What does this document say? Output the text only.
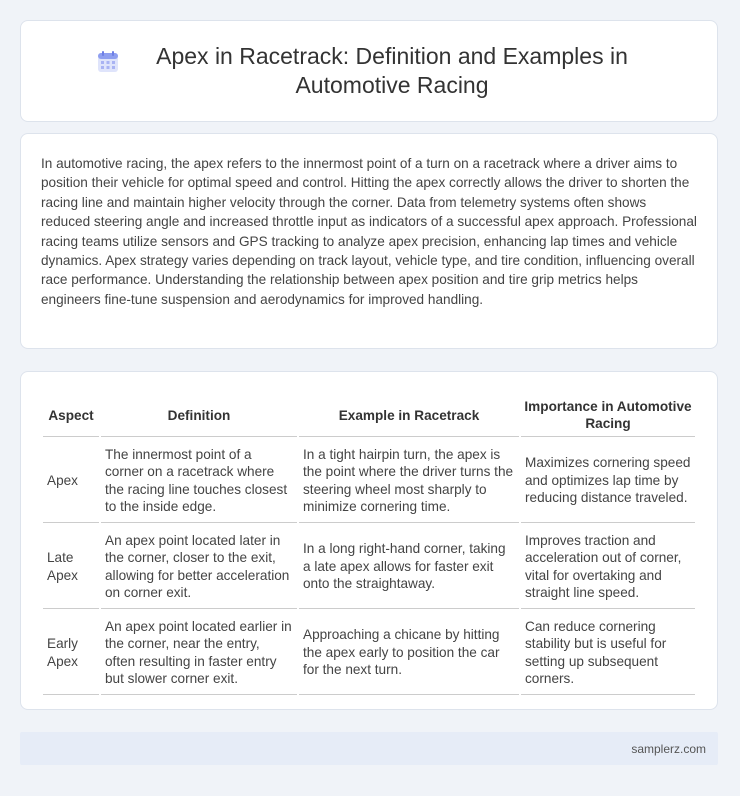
Apex in Racetrack: Definition and Examples in Automotive Racing

In automotive racing, the apex refers to the innermost point of a turn on a racetrack where a driver aims to position their vehicle for optimal speed and control. Hitting the apex correctly allows the driver to shorten the racing line and maintain higher velocity through the corner. Data from telemetry systems often shows reduced steering angle and increased throttle input as indicators of a successful apex approach. Professional racing teams utilize sensors and GPS tracking to analyze apex precision, enhancing lap times and vehicle dynamics. Apex strategy varies depending on track layout, vehicle type, and tire condition, influencing overall race performance. Understanding the relationship between apex position and tire grip metrics helps engineers fine-tune suspension and aerodynamics for improved handling.

Aspect	Definition	Example in Racetrack	Importance in Automotive Racing
Apex	The innermost point of a corner on a racetrack where the racing line touches closest to the inside edge.	In a tight hairpin turn, the apex is the point where the driver turns the steering wheel most sharply to minimize cornering time.	Maximizes cornering speed and optimizes lap time by reducing distance traveled.
Late Apex	An apex point located later in the corner, closer to the exit, allowing for better acceleration on corner exit.	In a long right-hand corner, taking a late apex allows for faster exit onto the straightaway.	Improves traction and acceleration out of corner, vital for overtaking and straight line speed.
Early Apex	An apex point located earlier in the corner, near the entry, often resulting in faster entry but slower corner exit.	Approaching a chicane by hitting the apex early to position the car for the next turn.	Can reduce cornering stability but is useful for setting up subsequent corners.
samplerz.com
